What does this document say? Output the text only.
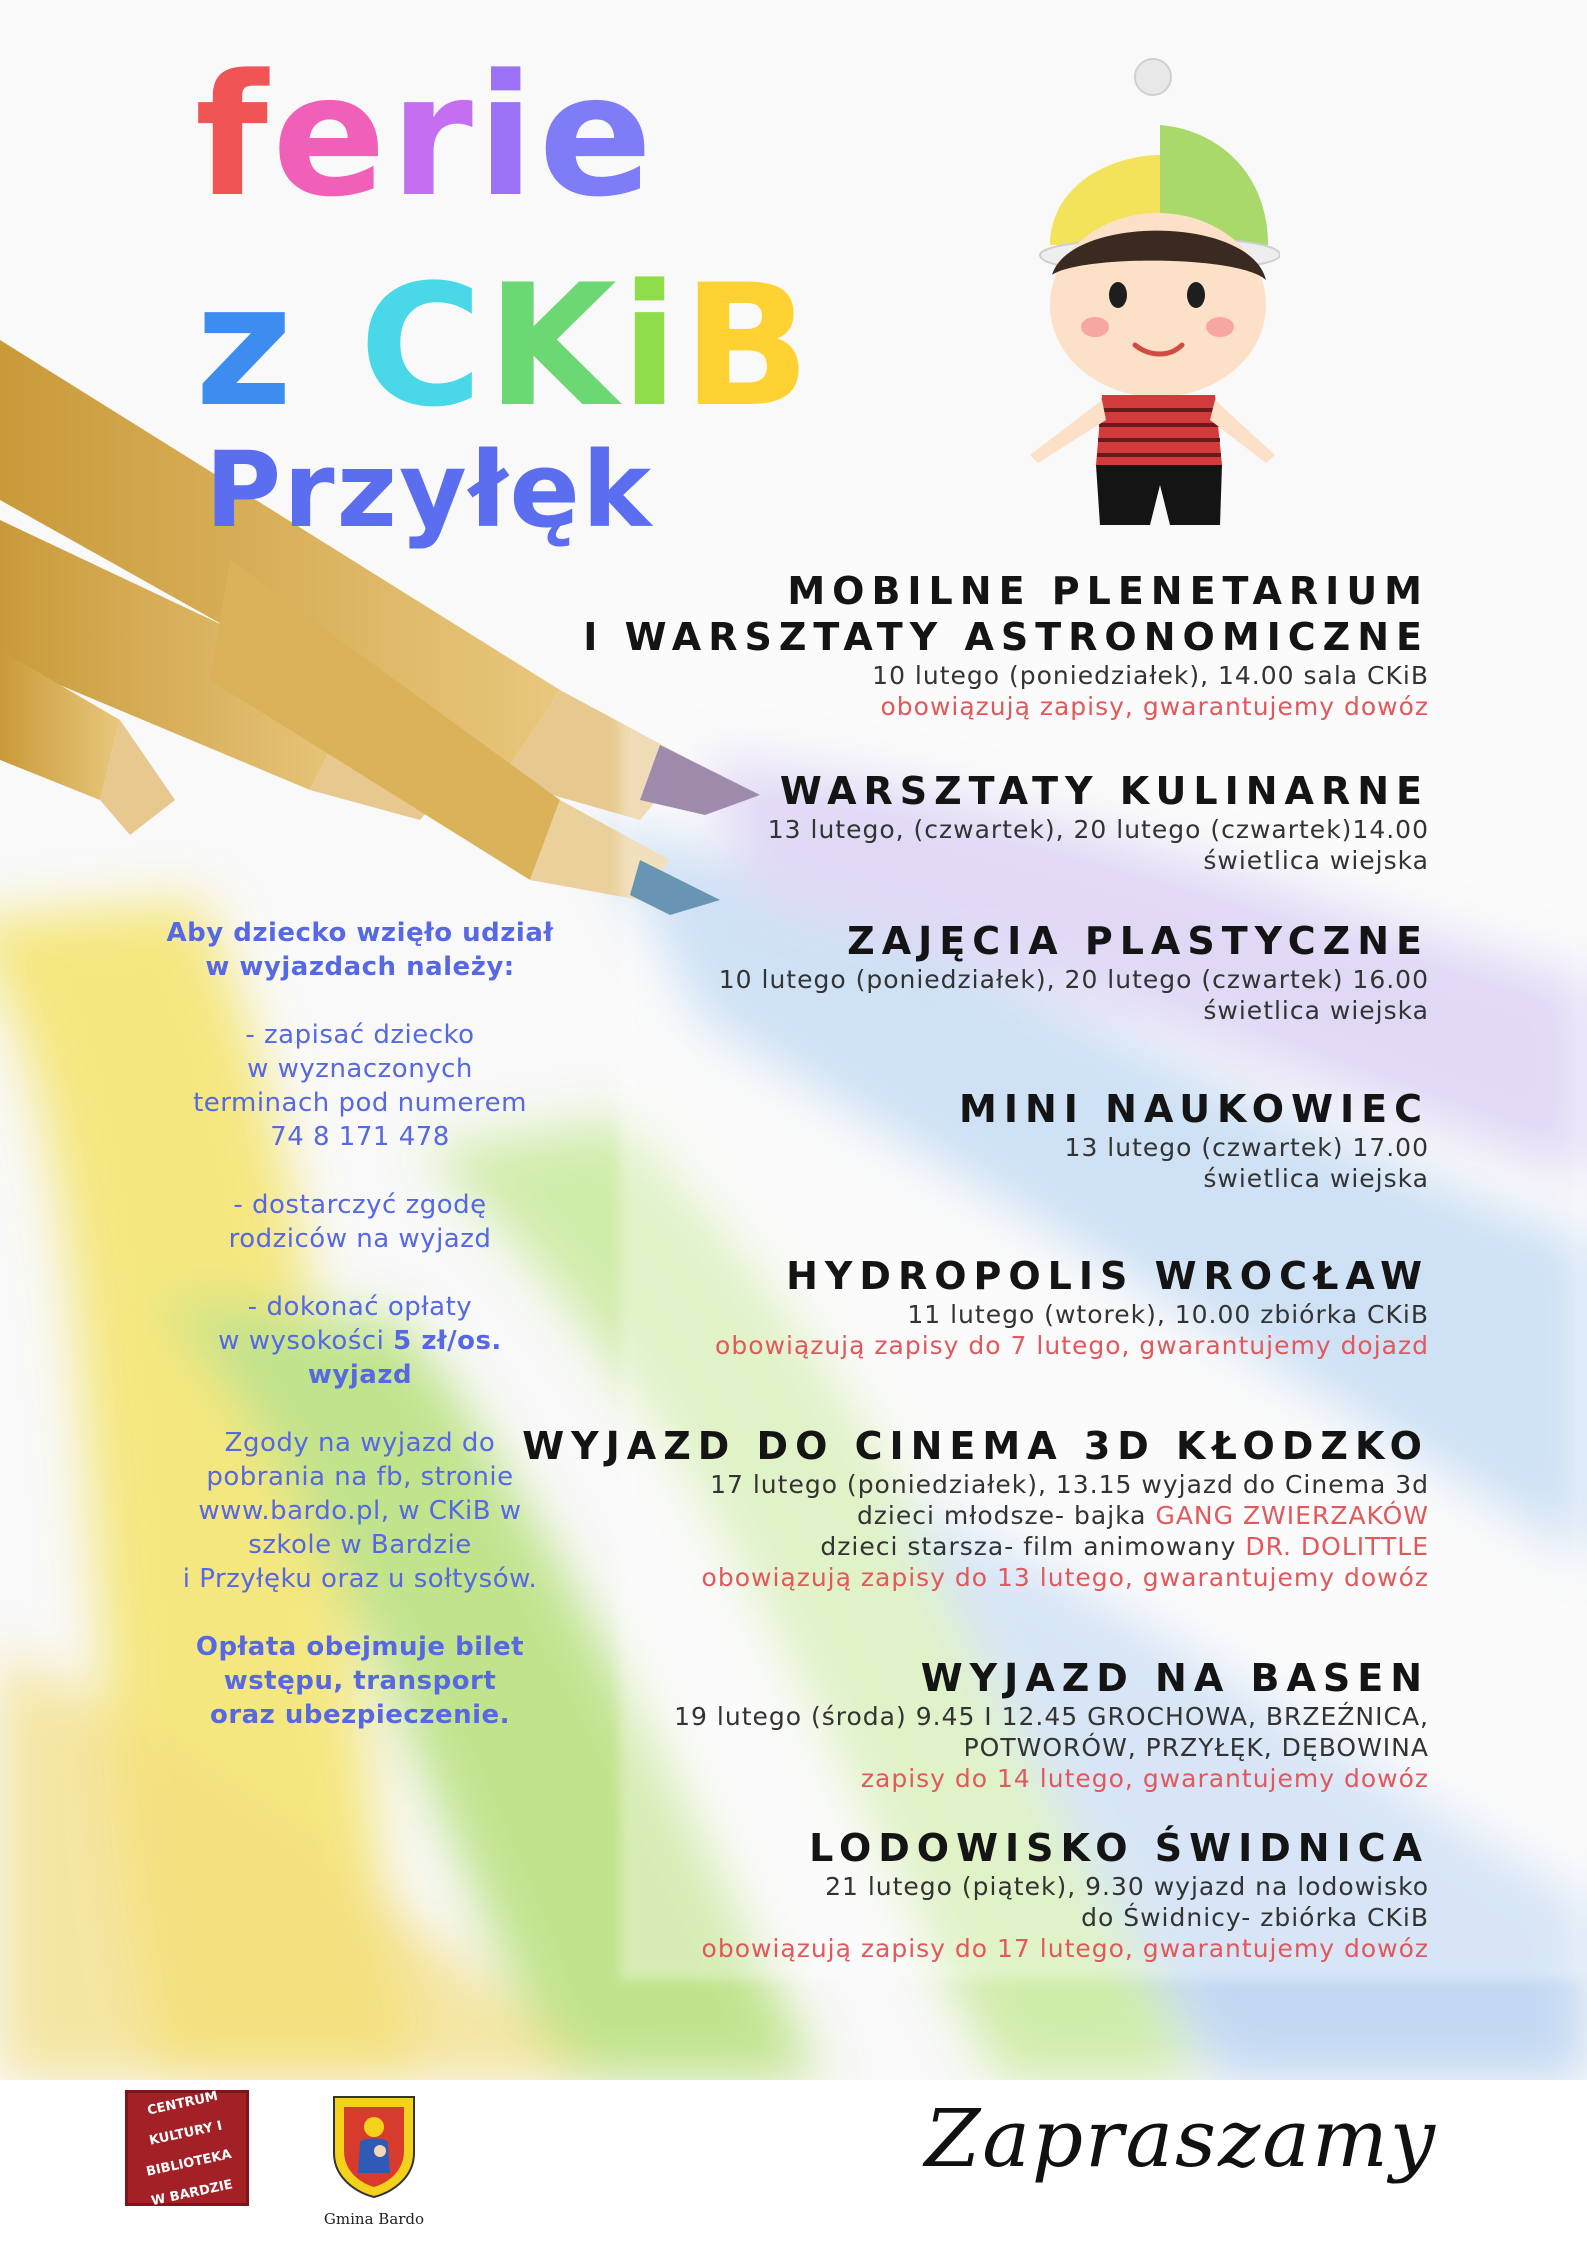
ferie
z CKiB
Przyłęk
MOBILNE PLENETARIUM
I WARSZTATY ASTRONOMICZNE
10 lutego (poniedziałek), 14.00 sala CKiB
obowiązują zapisy, gwarantujemy dowóz
WARSZTATY KULINARNE
13 lutego, (czwartek), 20 lutego (czwartek)14.00
świetlica wiejska
ZAJĘCIA PLASTYCZNE
10 lutego (poniedziałek), 20 lutego (czwartek) 16.00
świetlica wiejska
MINI NAUKOWIEC
13 lutego (czwartek) 17.00
świetlica wiejska
HYDROPOLIS WROCŁAW
11 lutego (wtorek), 10.00 zbiórka CKiB
obowiązują zapisy do 7 lutego, gwarantujemy dojazd
WYJAZD DO CINEMA 3D KŁODZKO
17 lutego (poniedziałek), 13.15 wyjazd do Cinema 3d
dzieci młodsze- bajka GANG ZWIERZAKÓW
dzieci starsza- film animowany DR. DOLITTLE
obowiązują zapisy do 13 lutego, gwarantujemy dowóz
WYJAZD NA BASEN
19 lutego (środa) 9.45 I 12.45 GROCHOWA, BRZEŹNICA,
POTWORÓW, PRZYŁĘK, DĘBOWINA
zapisy do 14 lutego, gwarantujemy dowóz
LODOWISKO ŚWIDNICA
21 lutego (piątek), 9.30 wyjazd na lodowisko
do Świdnicy- zbiórka CKiB
obowiązują zapisy do 17 lutego, gwarantujemy dowóz

Aby dziecko wzięło udział
w wyjazdach należy:

- zapisać dziecko
w wyznaczonych
terminach pod numerem
74 8 171 478

- dostarczyć zgodę
rodziców na wyjazd

- dokonać opłaty
w wysokości 5 zł/os.
wyjazd

Zgody na wyjazd do
pobrania na fb, stronie
www.bardo.pl, w CKiB w
szkole w Bardzie
i Przyłęku oraz u sołtysów.

Opłata obejmuje bilet
wstępu, transport
oraz ubezpieczenie.

CENTRUM

KULTURY I

BIBLIOTEKA

W BARDZIE
Gmina Bardo
Zapraszamy
